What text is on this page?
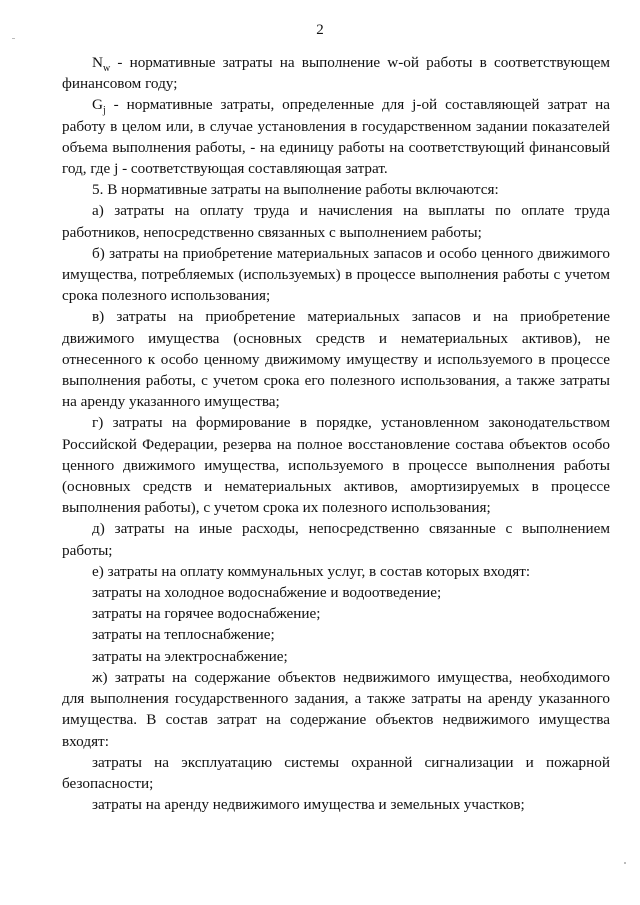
2

$N_w$ - нормативные затраты на выполнение w-ой работы в соответствующем финансовом году;

$G_j$ - нормативные затраты, определенные для j-ой составляющей затрат на работу в целом или, в случае установления в государственном задании показателей объема выполнения работы, - на единицу работы на соответствующий финансовый год, где j - соответствующая составляющая затрат.

5. В нормативные затраты на выполнение работы включаются:

а) затраты на оплату труда и начисления на выплаты по оплате труда работников, непосредственно связанных с выполнением работы;

б) затраты на приобретение материальных запасов и особо ценного движимого имущества, потребляемых (используемых) в процессе выполнения работы с учетом срока полезного использования;

в) затраты на приобретение материальных запасов и на приобретение движимого имущества (основных средств и нематериальных активов), не отнесенного к особо ценному движимому имуществу и используемого в процессе выполнения работы, с учетом срока его полезного использования, а также затраты на аренду указанного имущества;

г) затраты на формирование в порядке, установленном законодательством Российской Федерации, резерва на полное восстановление состава объектов особо ценного движимого имущества, используемого в процессе выполнения работы (основных средств и нематериальных активов, амортизируемых в процессе выполнения работы), с учетом срока их полезного использования;

д) затраты на иные расходы, непосредственно связанные с выполнением работы;

е) затраты на оплату коммунальных услуг, в состав которых входят:

затраты на холодное водоснабжение и водоотведение;

затраты на горячее водоснабжение;

затраты на теплоснабжение;

затраты на электроснабжение;

ж) затраты на содержание объектов недвижимого имущества, необходимого для выполнения государственного задания, а также затраты на аренду указанного имущества. В состав затрат на содержание объектов недвижимого имущества входят:

затраты на эксплуатацию системы охранной сигнализации и пожарной безопасности;

затраты на аренду недвижимого имущества и земельных участков;
